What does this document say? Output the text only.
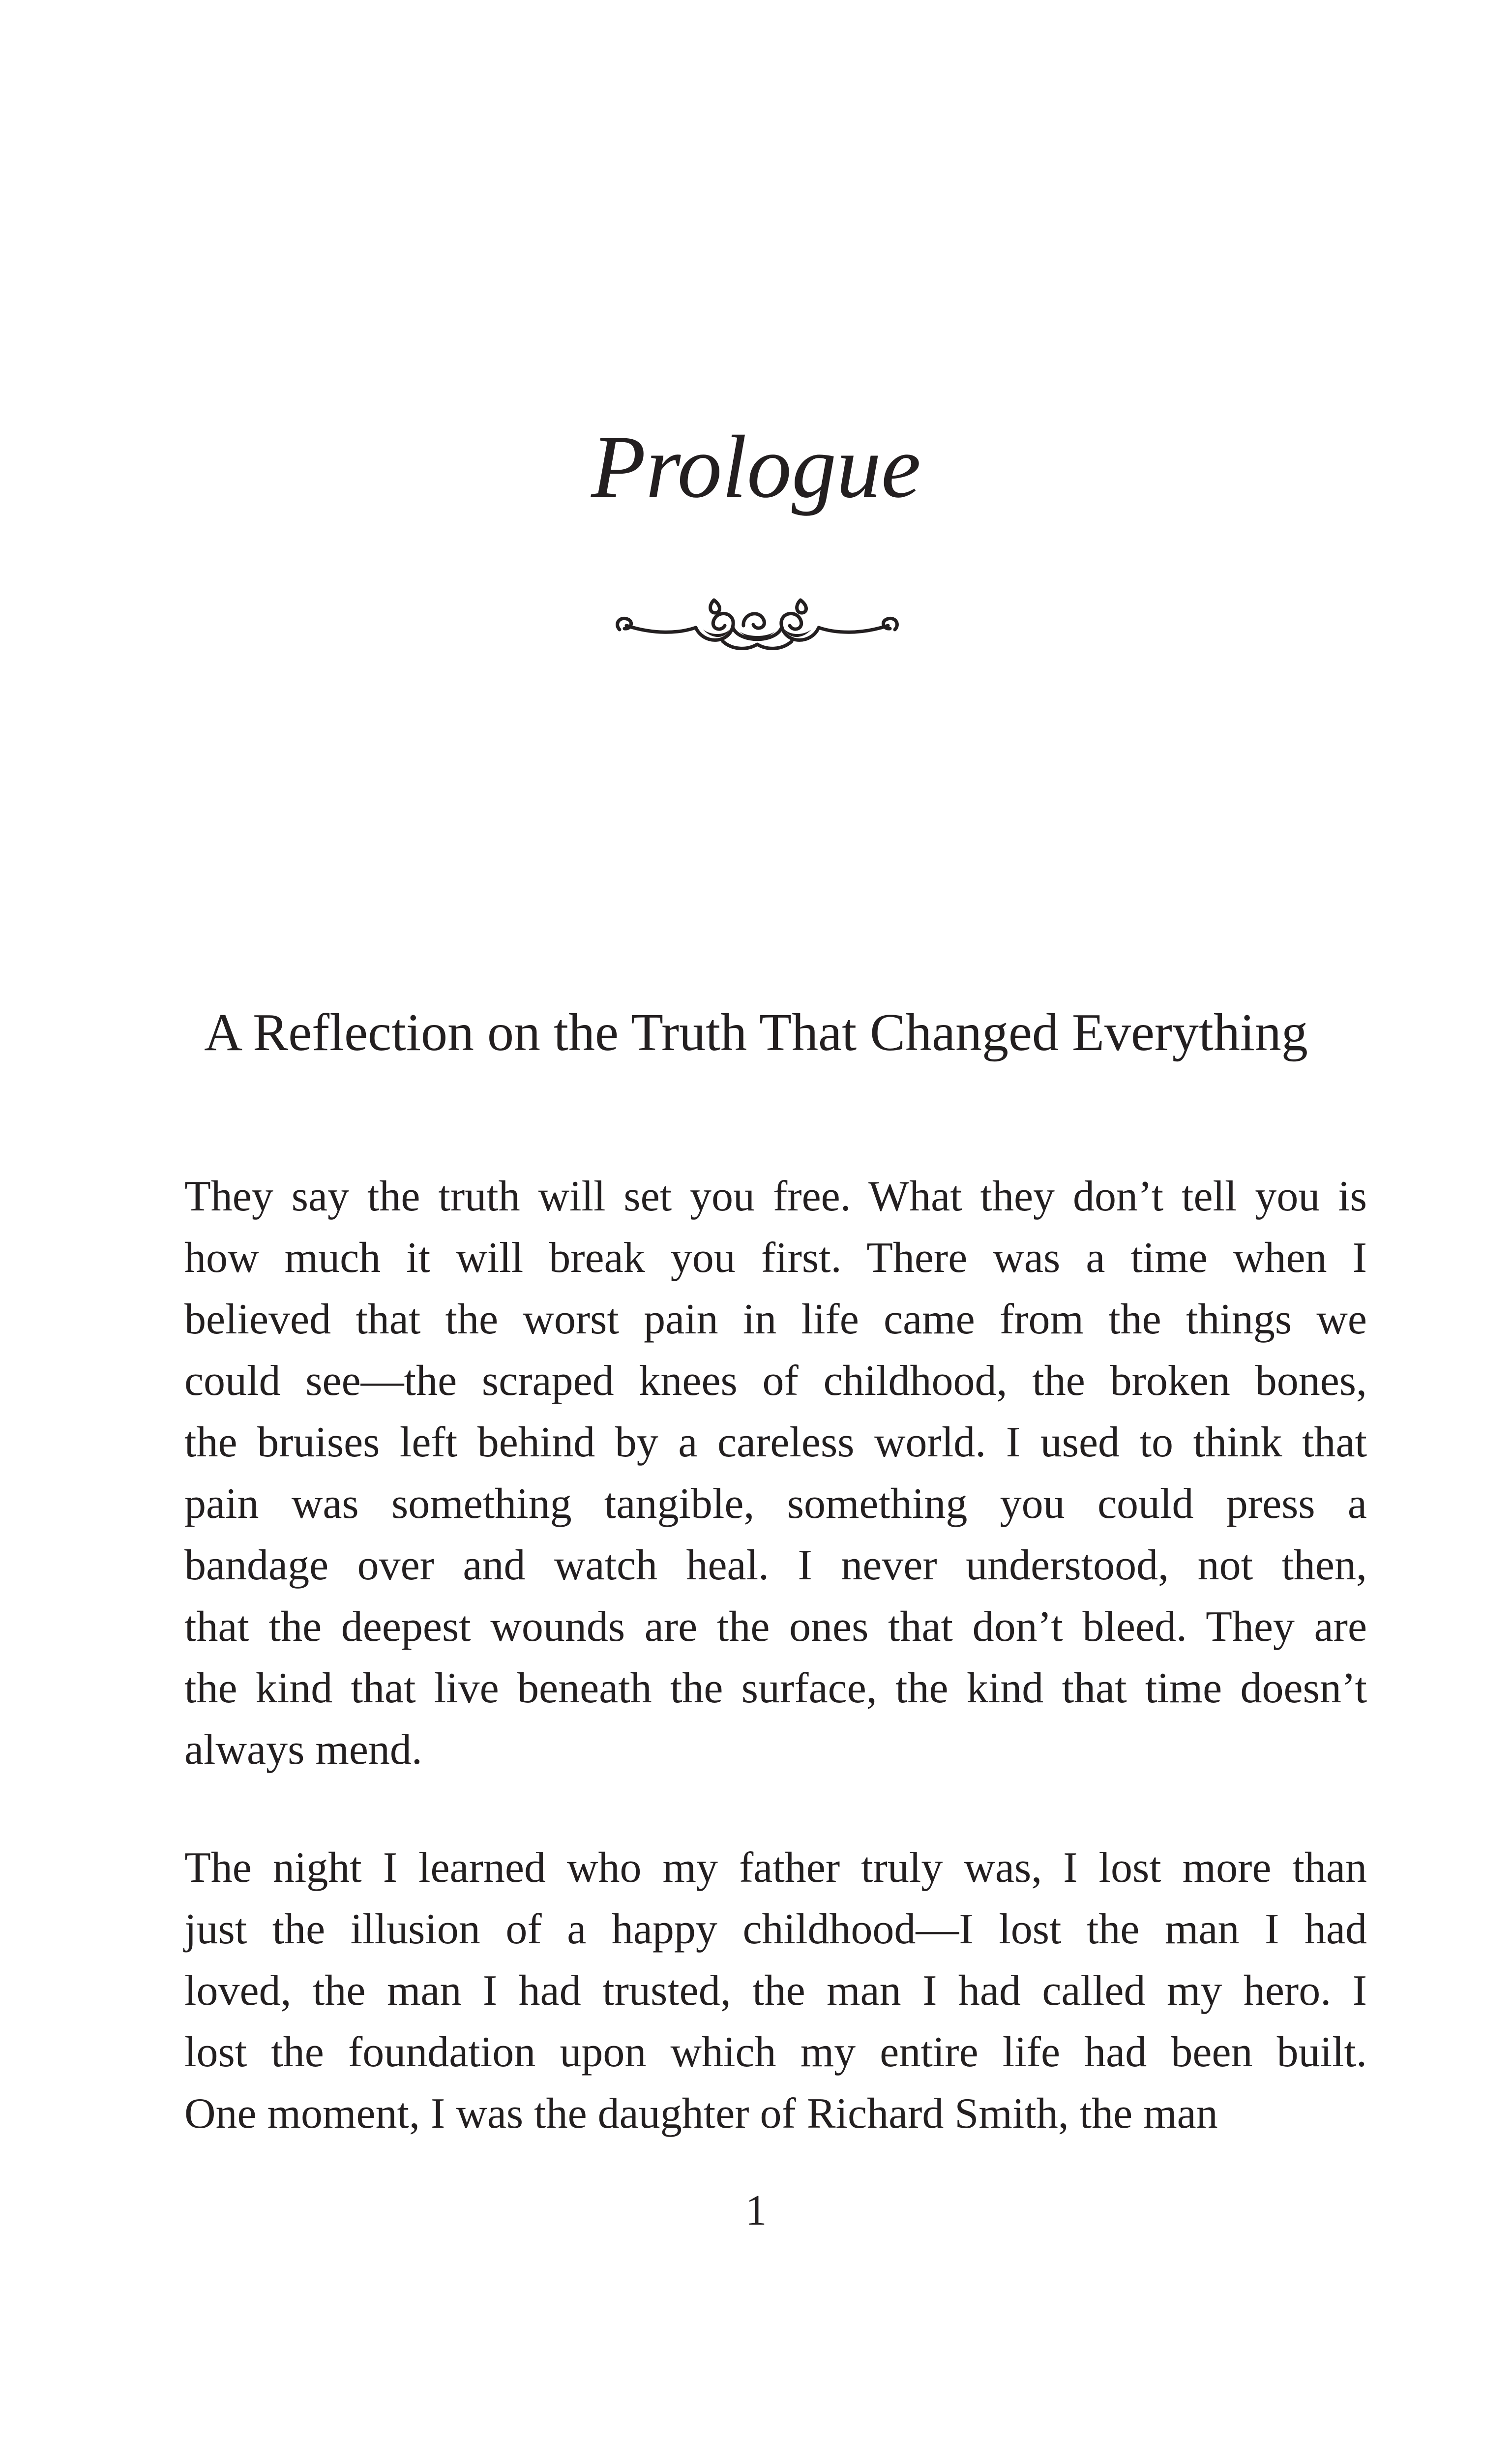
Prologue
A Reflection on the Truth That Changed Everything

They say the truth will set you free. What they don’t tell you is
how much it will break you first. There was a time when I
believed that the worst pain in life came from the things we
could see—the scraped knees of childhood, the broken bones,
the bruises left behind by a careless world. I used to think that
pain was something tangible, something you could press a
bandage over and watch heal. I never understood, not then,
that the deepest wounds are the ones that don’t bleed. They are
the kind that live beneath the surface, the kind that time doesn’t
always mend.

The night I learned who my father truly was, I lost more than
just the illusion of a happy childhood—I lost the man I had
loved, the man I had trusted, the man I had called my hero. I
lost the foundation upon which my entire life had been built.
One moment, I was the daughter of Richard Smith, the man

1
